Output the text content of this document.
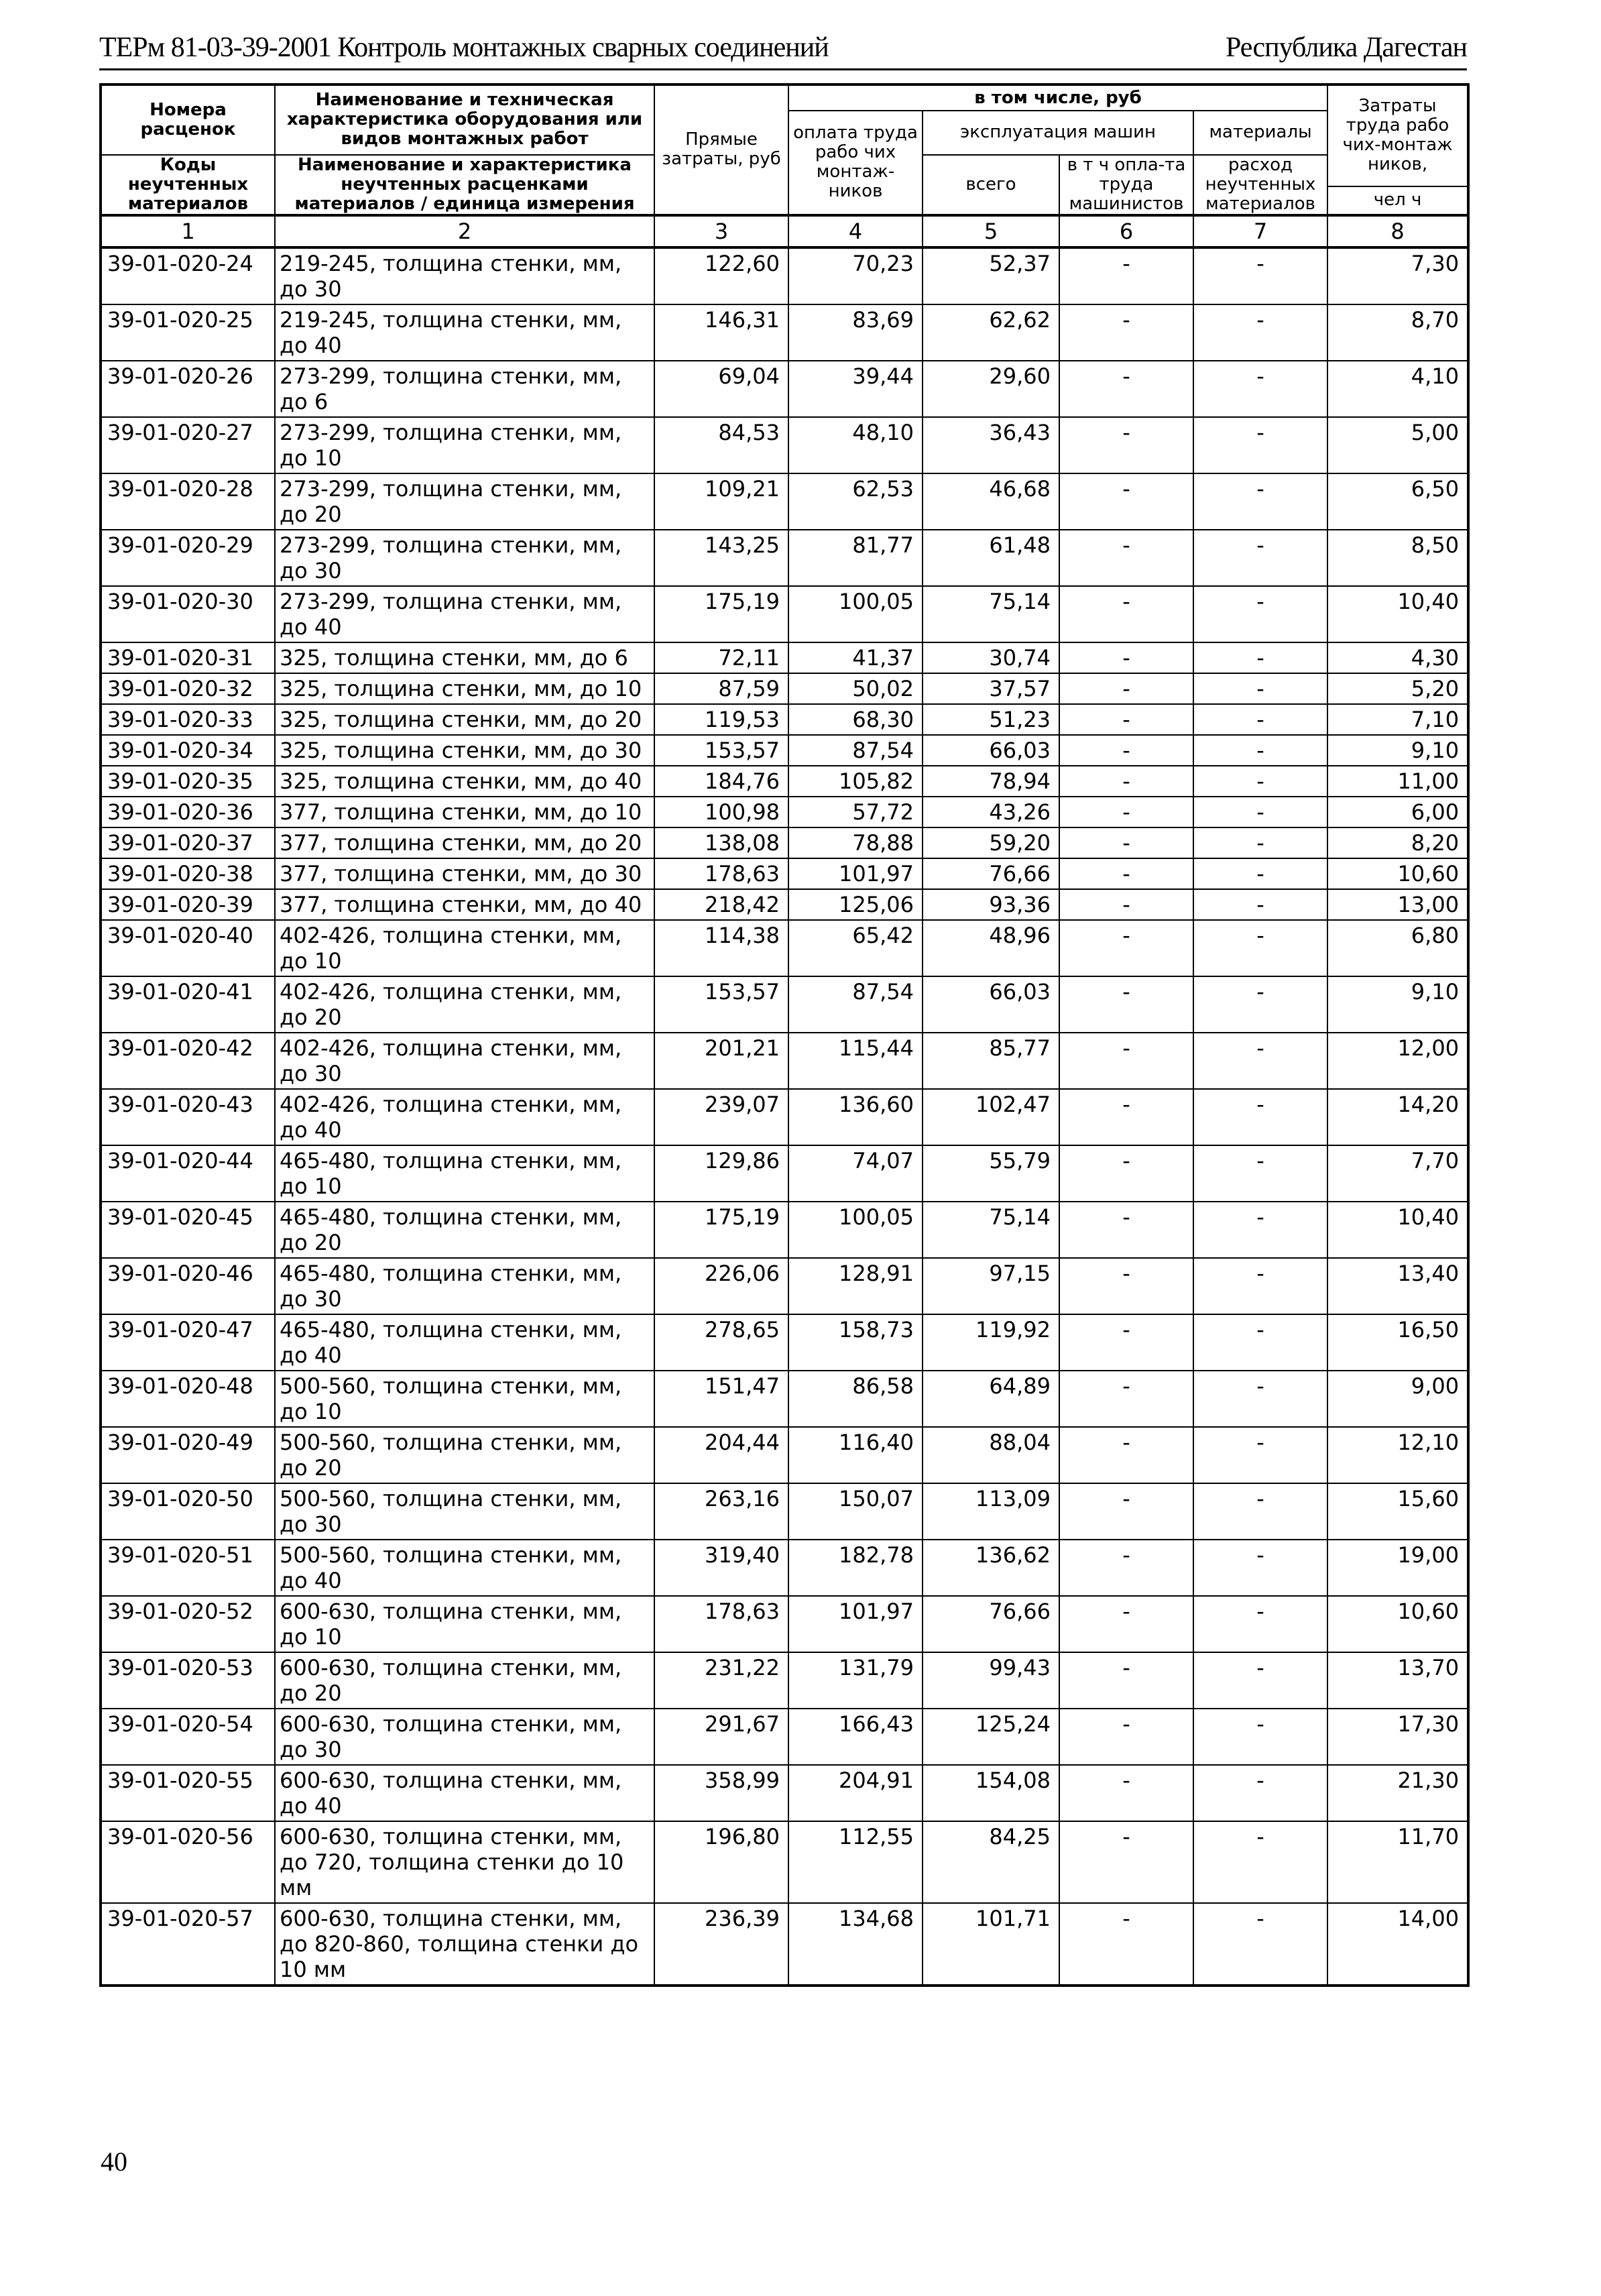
ТЕРм 81-03-39-2001 Контроль монтажных сварных соединений	Республика Дагестан
Номера расценок	Наименование и техническая характеристика оборудования или видов монтажных работ	Прямые затраты, руб	в том числе, руб				Затраты труда рабо чих-монтаж ников,
			оплата труда рабо чих монтаж-ников	эксплуатация машин		материалы	
Коды неучтенных материалов	Наименование и характеристика неучтенных расценками материалов / единица измерения			всего	в т ч опла-та труда машинистов	расход неучтенных материалов	
							чел ч
1	2	3	4	5	6	7	8
39-01-020-24	219-245, толщина стенки, мм, до 30	122,60	70,23	52,37	-	-	7,30
39-01-020-25	219-245, толщина стенки, мм, до 40	146,31	83,69	62,62	-	-	8,70
39-01-020-26	273-299, толщина стенки, мм, до 6	69,04	39,44	29,60	-	-	4,10
39-01-020-27	273-299, толщина стенки, мм, до 10	84,53	48,10	36,43	-	-	5,00
39-01-020-28	273-299, толщина стенки, мм, до 20	109,21	62,53	46,68	-	-	6,50
39-01-020-29	273-299, толщина стенки, мм, до 30	143,25	81,77	61,48	-	-	8,50
39-01-020-30	273-299, толщина стенки, мм, до 40	175,19	100,05	75,14	-	-	10,40
39-01-020-31	325, толщина стенки, мм, до 6	72,11	41,37	30,74	-	-	4,30
39-01-020-32	325, толщина стенки, мм, до 10	87,59	50,02	37,57	-	-	5,20
39-01-020-33	325, толщина стенки, мм, до 20	119,53	68,30	51,23	-	-	7,10
39-01-020-34	325, толщина стенки, мм, до 30	153,57	87,54	66,03	-	-	9,10
39-01-020-35	325, толщина стенки, мм, до 40	184,76	105,82	78,94	-	-	11,00
39-01-020-36	377, толщина стенки, мм, до 10	100,98	57,72	43,26	-	-	6,00
39-01-020-37	377, толщина стенки, мм, до 20	138,08	78,88	59,20	-	-	8,20
39-01-020-38	377, толщина стенки, мм, до 30	178,63	101,97	76,66	-	-	10,60
39-01-020-39	377, толщина стенки, мм, до 40	218,42	125,06	93,36	-	-	13,00
39-01-020-40	402-426, толщина стенки, мм, до 10	114,38	65,42	48,96	-	-	6,80
39-01-020-41	402-426, толщина стенки, мм, до 20	153,57	87,54	66,03	-	-	9,10
39-01-020-42	402-426, толщина стенки, мм, до 30	201,21	115,44	85,77	-	-	12,00
39-01-020-43	402-426, толщина стенки, мм, до 40	239,07	136,60	102,47	-	-	14,20
39-01-020-44	465-480, толщина стенки, мм, до 10	129,86	74,07	55,79	-	-	7,70
39-01-020-45	465-480, толщина стенки, мм, до 20	175,19	100,05	75,14	-	-	10,40
39-01-020-46	465-480, толщина стенки, мм, до 30	226,06	128,91	97,15	-	-	13,40
39-01-020-47	465-480, толщина стенки, мм, до 40	278,65	158,73	119,92	-	-	16,50
39-01-020-48	500-560, толщина стенки, мм, до 10	151,47	86,58	64,89	-	-	9,00
39-01-020-49	500-560, толщина стенки, мм, до 20	204,44	116,40	88,04	-	-	12,10
39-01-020-50	500-560, толщина стенки, мм, до 30	263,16	150,07	113,09	-	-	15,60
39-01-020-51	500-560, толщина стенки, мм, до 40	319,40	182,78	136,62	-	-	19,00
39-01-020-52	600-630, толщина стенки, мм, до 10	178,63	101,97	76,66	-	-	10,60
39-01-020-53	600-630, толщина стенки, мм, до 20	231,22	131,79	99,43	-	-	13,70
39-01-020-54	600-630, толщина стенки, мм, до 30	291,67	166,43	125,24	-	-	17,30
39-01-020-55	600-630, толщина стенки, мм, до 40	358,99	204,91	154,08	-	-	21,30
39-01-020-56	600-630, толщина стенки, мм, до 720, толщина стенки до 10 мм	196,80	112,55	84,25	-	-	11,70
39-01-020-57	600-630, толщина стенки, мм, до 820-860, толщина стенки до 10 мм	236,39	134,68	101,71	-	-	14,00
40
